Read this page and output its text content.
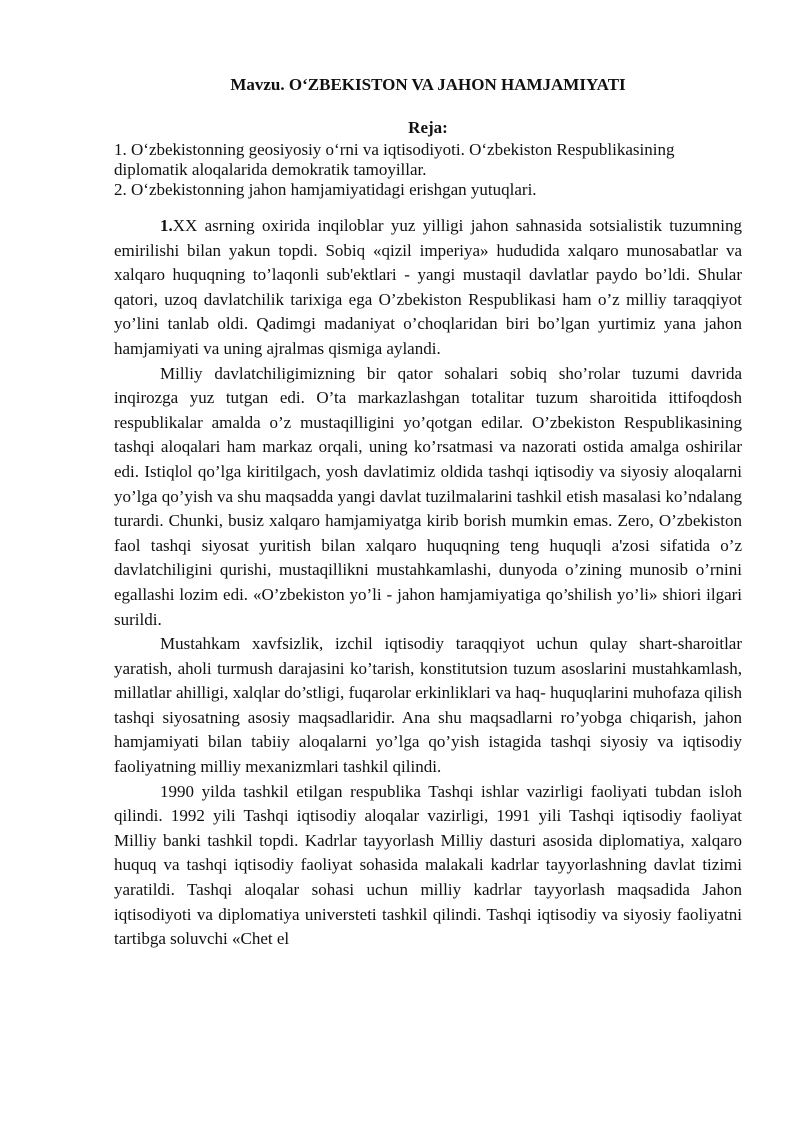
Mavzu. O‘ZBEKISTON VA JAHON HAMJAMIYATI
Reja:

1. O‘zbekistonning geosiyosiy o‘rni va iqtisodiyoti. O‘zbekiston Respublikasining diplomatik aloqalarida demokratik tamoyillar.

2. O‘zbekistonning jahon hamjamiyatidagi erishgan yutuqlari.

1.XX asrning oxirida inqiloblar yuz yilligi jahon sahnasida sotsialistik tuzumning emirilishi bilan yakun topdi. Sobiq «qizil imperiya» hududida xalqaro munosabatlar va xalqaro huquqning to’laqonli sub'ektlari - yangi mustaqil davlatlar paydo bo’ldi. Shular qatori, uzoq davlatchilik tarixiga ega O’zbekiston Respublikasi ham o’z milliy taraqqiyot yo’lini tanlab oldi. Qadimgi madaniyat o’choqlaridan biri bo’lgan yurtimiz yana jahon hamjamiyati va uning ajralmas qismiga aylandi.

Milliy davlatchiligimizning bir qator sohalari sobiq sho’rolar tuzumi davrida inqirozga yuz tutgan edi. O’ta markazlashgan totalitar tuzum sharoitida ittifoqdosh respublikalar amalda o’z mustaqilligini yo’qotgan edilar. O’zbekiston Respublikasining tashqi aloqalari ham markaz orqali, uning ko’rsatmasi va nazorati ostida amalga oshirilar edi. Istiqlol qo’lga kiritilgach, yosh davlatimiz oldida tashqi iqtisodiy va siyosiy aloqalarni yo’lga qo’yish va shu maqsadda yangi davlat tuzilmalarini tashkil etish masalasi ko’ndalang turardi. Chunki, busiz xalqaro hamjamiyatga kirib borish mumkin emas. Zero, O’zbekiston faol tashqi siyosat yuritish bilan xalqaro huquqning teng huquqli a'zosi sifatida o’z davlatchiligini qurishi, mustaqillikni mustahkamlashi, dunyoda o’zining munosib o’rnini egallashi lozim edi. «O’zbekiston yo’li - jahon hamjamiyatiga qo’shilish yo’li» shiori ilgari surildi.

Mustahkam xavfsizlik, izchil iqtisodiy taraqqiyot uchun qulay shart-sharoitlar yaratish, aholi turmush darajasini ko’tarish, konstitutsion tuzum asoslarini mustahkamlash, millatlar ahilligi, xalqlar do’stligi, fuqarolar erkinliklari va haq- huquqlarini muhofaza qilish tashqi siyosatning asosiy maqsadlaridir. Ana shu maqsadlarni ro’yobga chiqarish, jahon hamjamiyati bilan tabiiy aloqalarni yo’lga qo’yish istagida tashqi siyosiy va iqtisodiy faoliyatning milliy mexanizmlari tashkil qilindi.

1990 yilda tashkil etilgan respublika Tashqi ishlar vazirligi faoliyati tubdan isloh qilindi. 1992 yili Tashqi iqtisodiy aloqalar vazirligi, 1991 yili Tashqi iqtisodiy faoliyat Milliy banki tashkil topdi. Kadrlar tayyorlash Milliy dasturi asosida diplomatiya, xalqaro huquq va tashqi iqtisodiy faoliyat sohasida malakali kadrlar tayyorlashning davlat tizimi yaratildi. Tashqi aloqalar sohasi uchun milliy kadrlar tayyorlash maqsadida Jahon iqtisodiyoti va diplomatiya universteti tashkil qilindi. Tashqi iqtisodiy va siyosiy faoliyatni tartibga soluvchi «Chet el
